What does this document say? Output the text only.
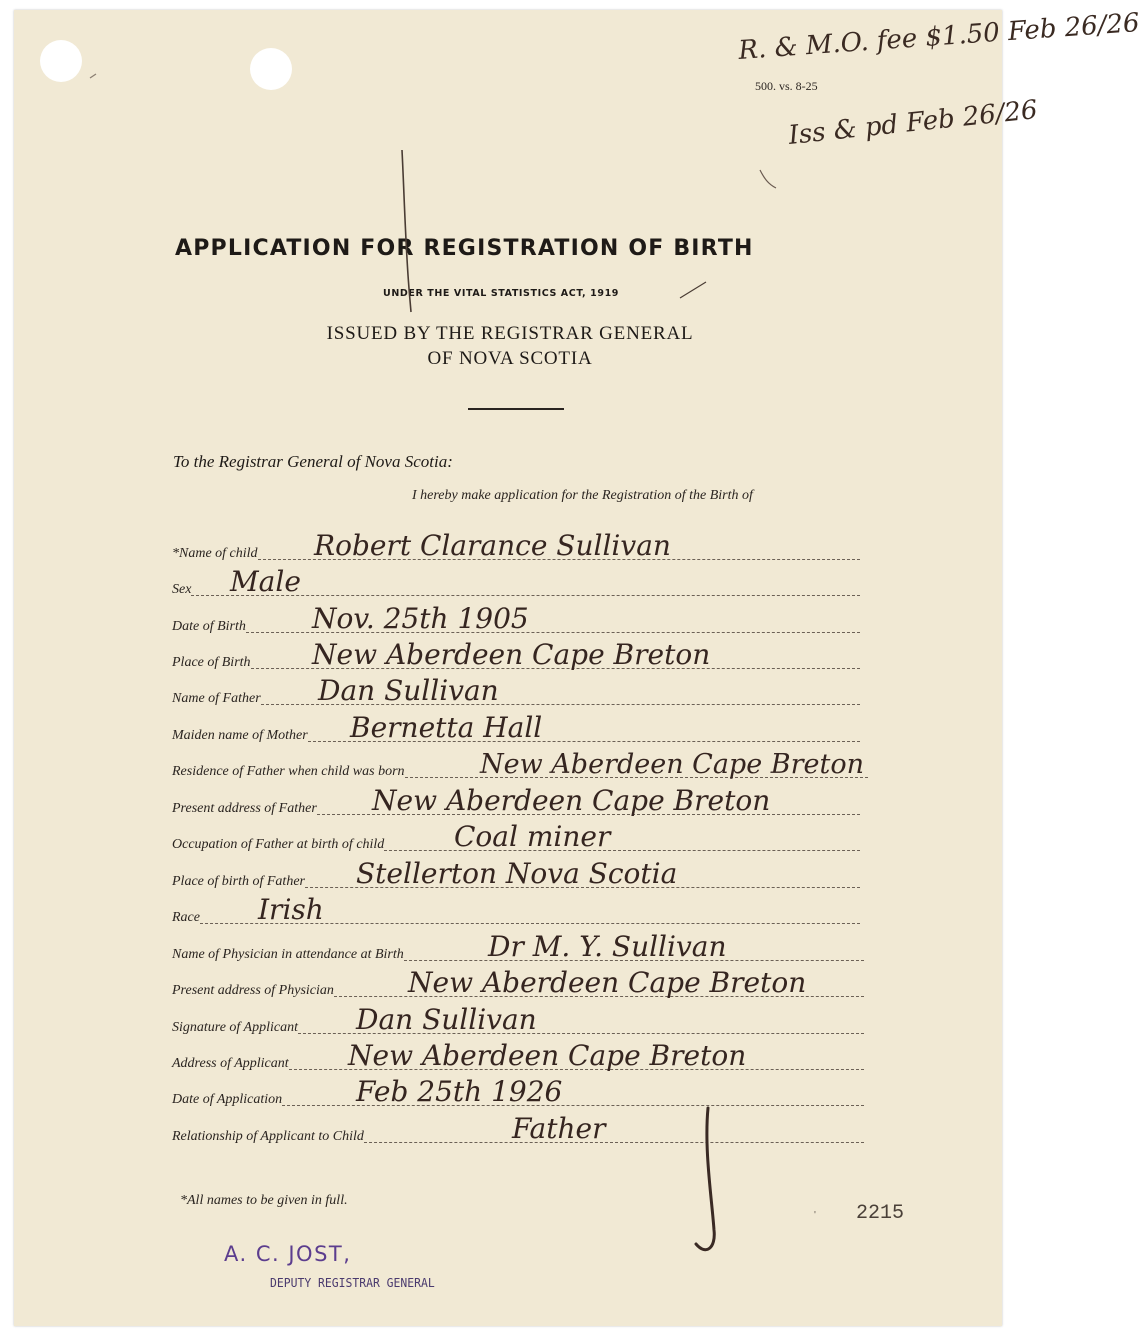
500. vs. 8-25
R. & M.O. fee $1.50 Feb 26/26
Iss & pd Feb 26/26
APPLICATION FOR REGISTRATION OF BIRTH
UNDER THE VITAL STATISTICS ACT, 1919
ISSUED BY THE REGISTRAR GENERAL
OF NOVA SCOTIA
To the Registrar General of Nova Scotia:
I hereby make application for the Registration of the Birth of
*Name of child Robert Clarance Sullivan
Sex Male
Date of Birth Nov. 25th 1905
Place of Birth New Aberdeen Cape Breton
Name of Father Dan Sullivan
Maiden name of Mother Bernetta Hall
Residence of Father when child was born	New Aberdeen Cape Breton
Present address of Father New Aberdeen Cape Breton
Occupation of Father at birth of child Coal miner
Place of birth of Father Stellerton Nova Scotia
Race Irish
Name of Physician in attendance at Birth	Dr M. Y. Sullivan
Present address of Physician	New Aberdeen Cape Breton
Signature of Applicant Dan Sullivan
Address of Applicant New Aberdeen Cape Breton
Date of Application	Feb 25th 1926
Relationship of Applicant to Child	Father
*All names to be given in full.
' 2215
A. C. JOST,
DEPUTY REGISTRAR GENERAL
